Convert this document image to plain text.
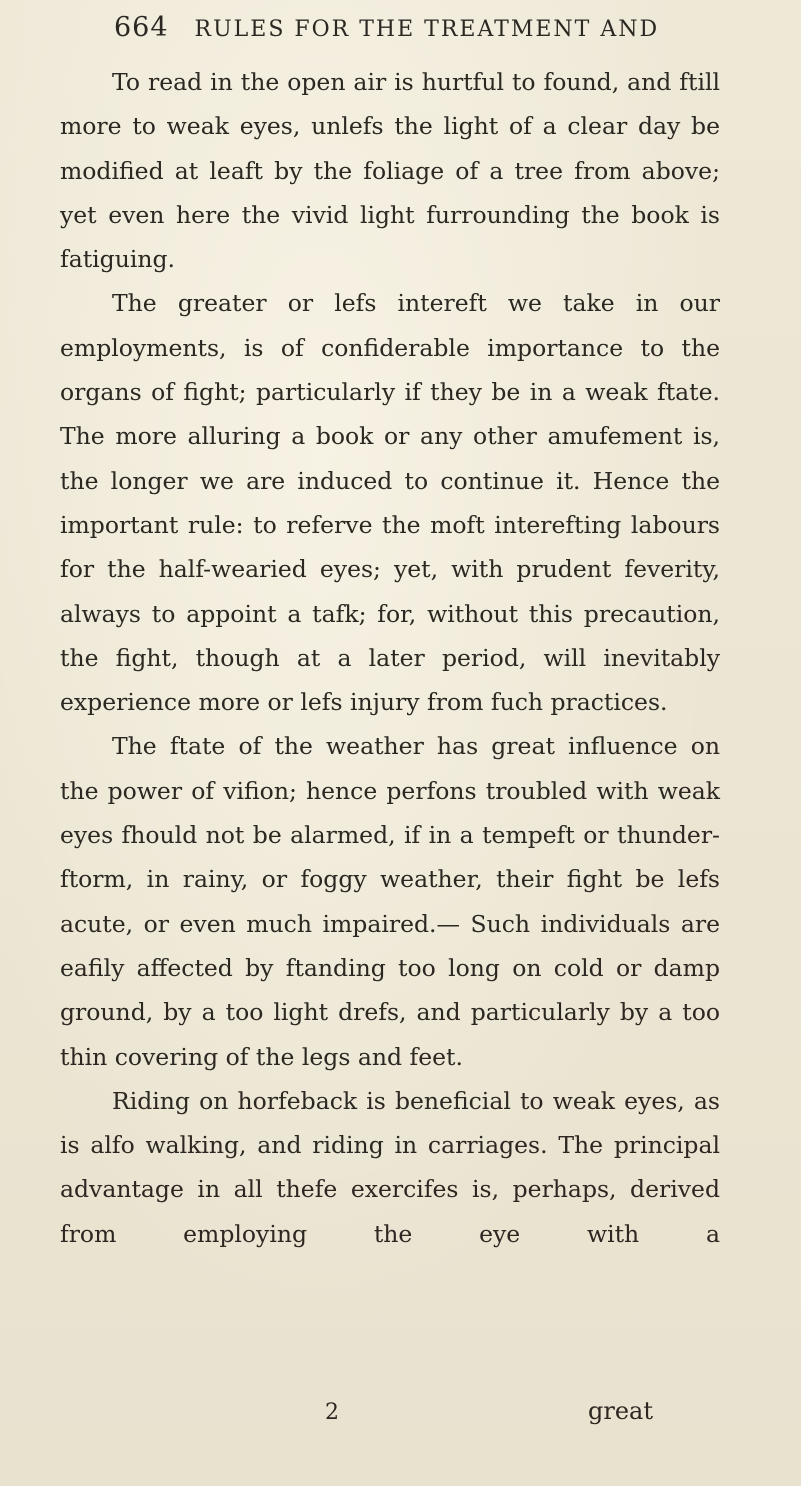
664 RULES FOR THE TREATMENT AND

To read in the open air is hurtful to found, and ftill more to weak eyes, unlefs the light of a clear day be modified at leaft by the foliage of a tree from above; yet even here the vivid light furrounding the book is fatiguing.

The greater or lefs intereft we take in our employments, is of confiderable importance to the organs of fight; particularly if they be in a weak ftate. The more alluring a book or any other amufement is, the longer we are induced to continue it. Hence the important rule: to referve the moft interefting labours for the half-wearied eyes; yet, with prudent feverity, always to appoint a tafk; for, without this precaution, the fight, though at a later period, will inevitably experience more or lefs injury from fuch practices.

The ftate of the weather has great influence on the power of vifion; hence perfons troubled with weak eyes fhould not be alarmed, if in a tempeft or thunder-ftorm, in rainy, or foggy weather, their fight be lefs acute, or even much impaired.— Such individuals are eafily affected by ftanding too long on cold or damp ground, by a too light drefs, and particularly by a too thin covering of the legs and feet.

Riding on horfeback is beneficial to weak eyes, as is alfo walking, and riding in carriages. The principal advantage in all thefe exercifes is, perhaps, derived from employing the eye with a

2	great
